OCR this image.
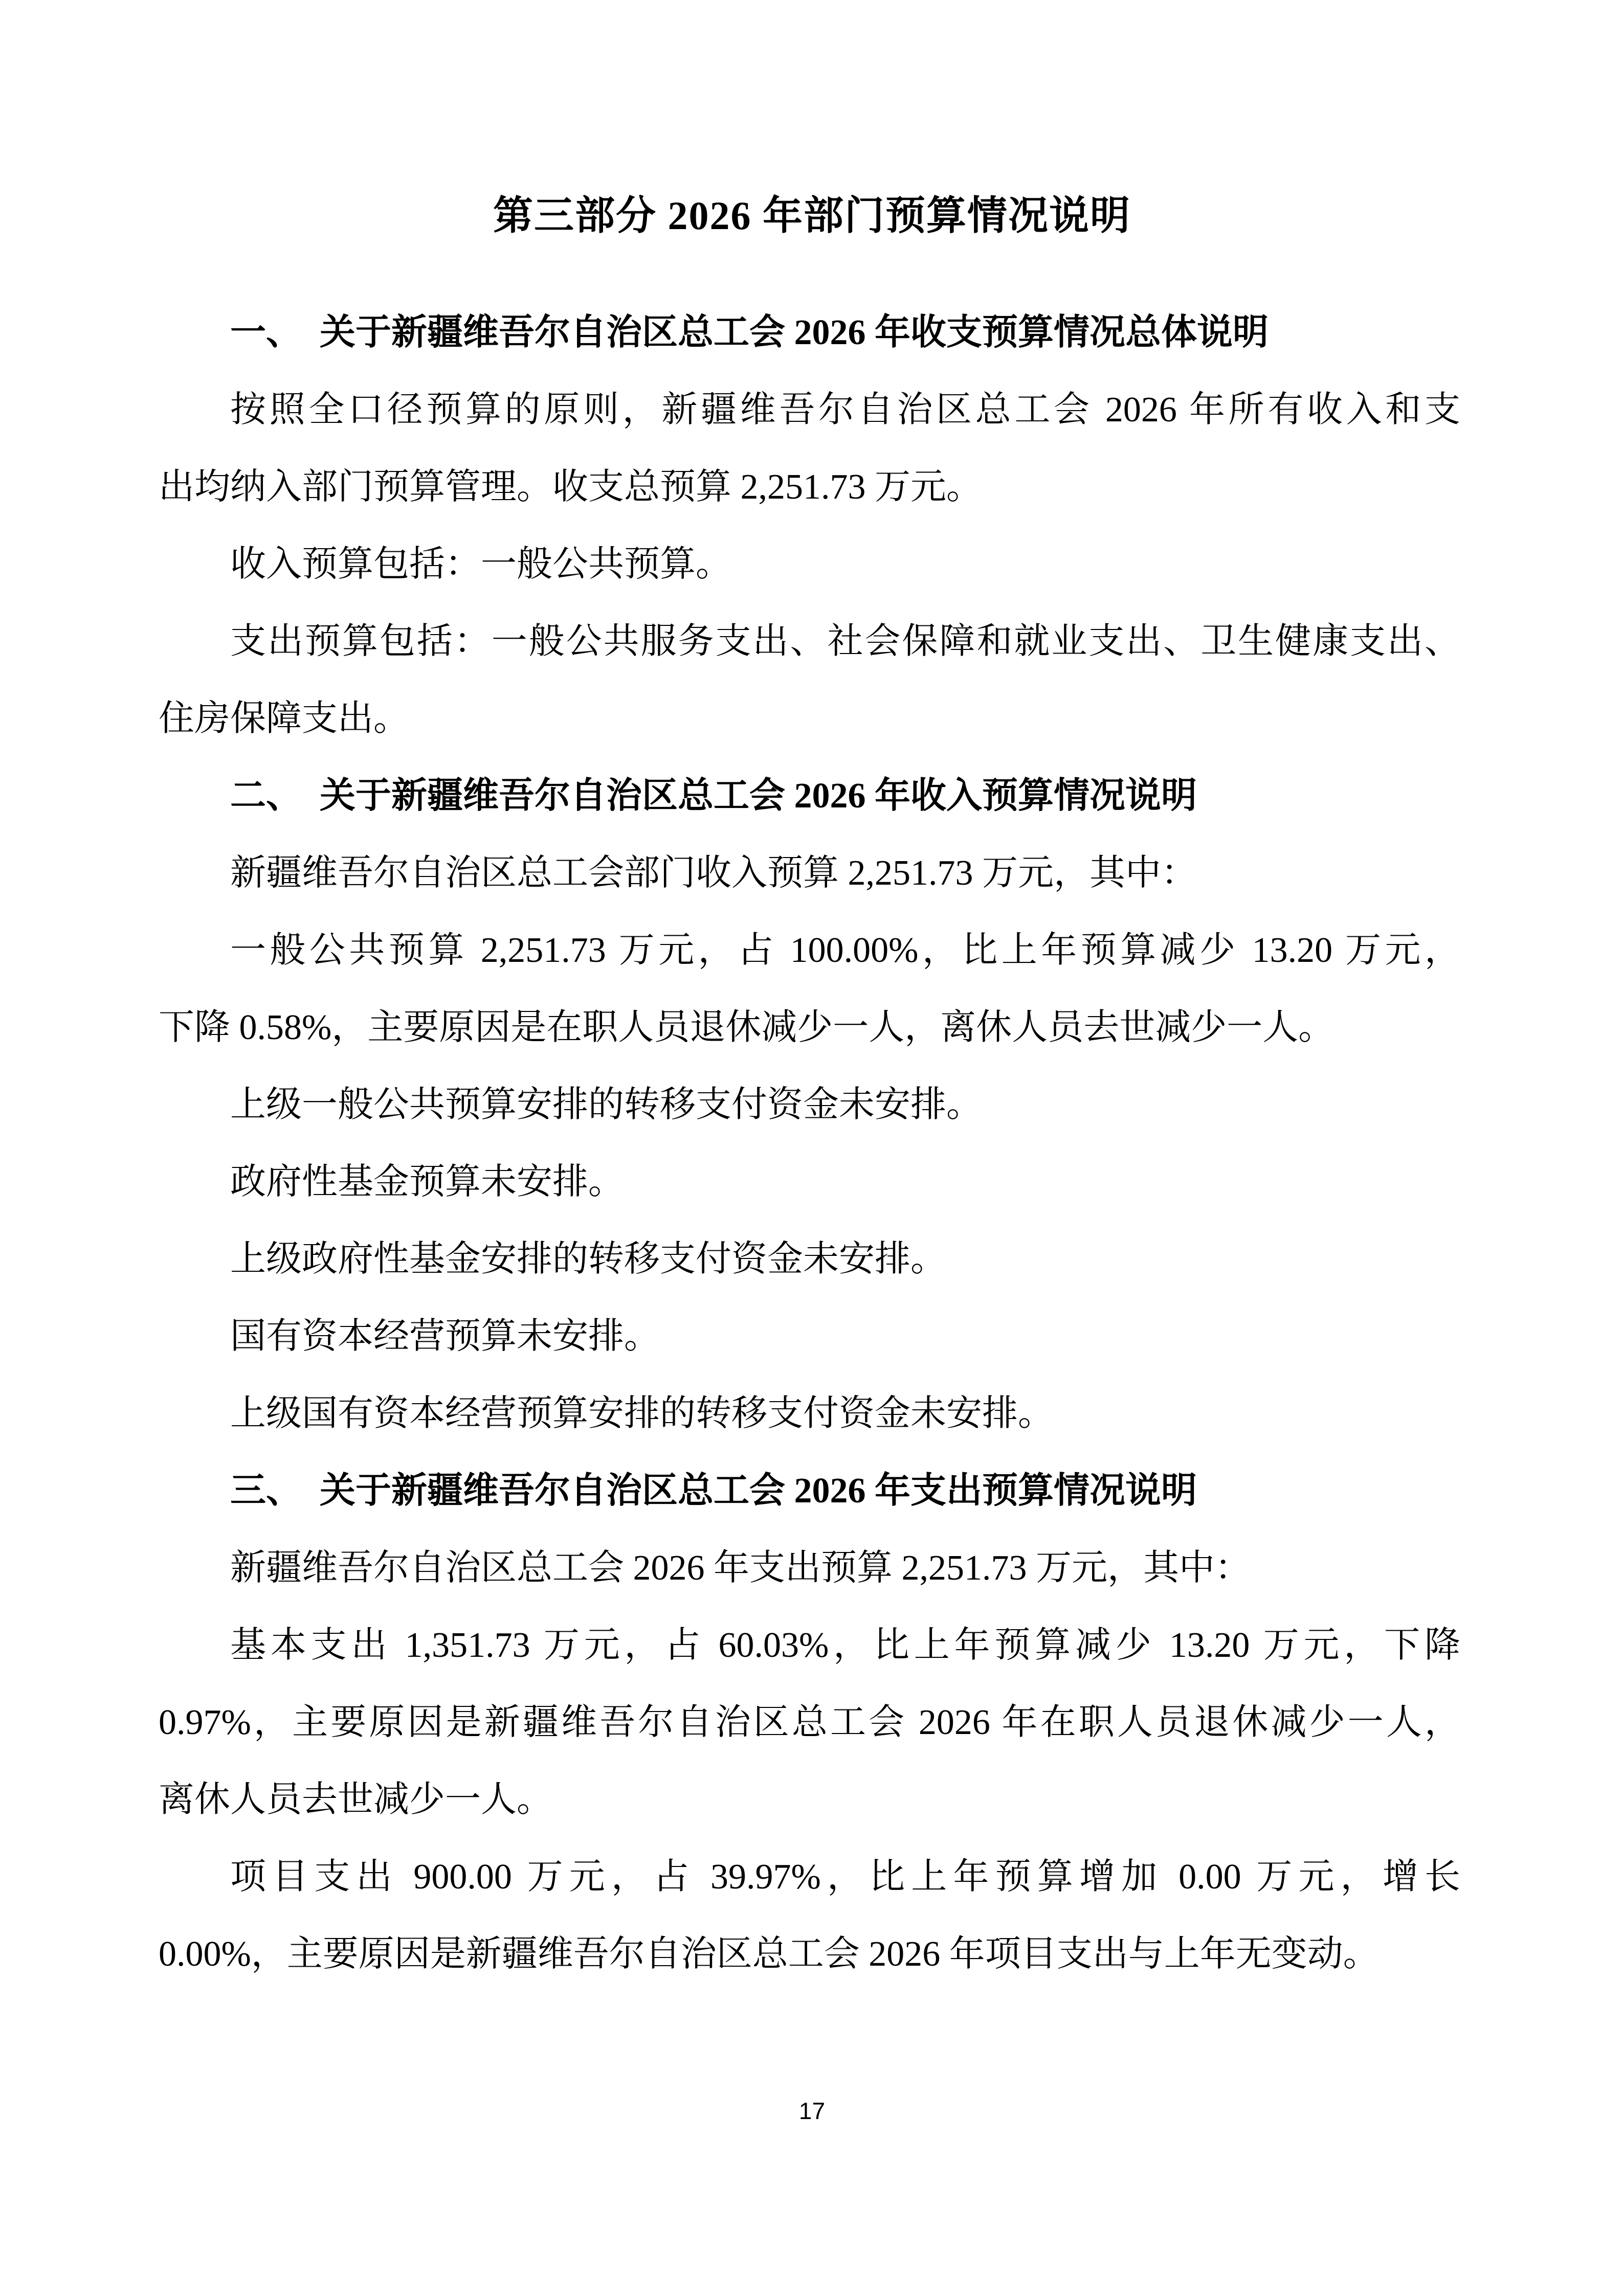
第三部分 2026 年部门预算情况说明
一、　关于新疆维吾尔自治区总工会 2026 年收支预算情况总体说明
按照全口径预算的原则，新疆维吾尔自治区总工会 2026 年所有收入和支
出均纳入部门预算管理。收支总预算 2,251.73 万元。
收入预算包括：一般公共预算。
支出预算包括：一般公共服务支出、社会保障和就业支出、卫生健康支出、
住房保障支出。
二、　关于新疆维吾尔自治区总工会 2026 年收入预算情况说明
新疆维吾尔自治区总工会部门收入预算 2,251.73 万元，其中：
一般公共预算 2,251.73 万元，占 100.00%，比上年预算减少 13.20 万元，
下降 0.58%，主要原因是在职人员退休减少一人，离休人员去世减少一人。
上级一般公共预算安排的转移支付资金未安排。
政府性基金预算未安排。
上级政府性基金安排的转移支付资金未安排。
国有资本经营预算未安排。
上级国有资本经营预算安排的转移支付资金未安排。
三、　关于新疆维吾尔自治区总工会 2026 年支出预算情况说明
新疆维吾尔自治区总工会 2026 年支出预算 2,251.73 万元，其中：
基本支出 1,351.73 万元，占 60.03%，比上年预算减少 13.20 万元，下降
0.97%，主要原因是新疆维吾尔自治区总工会 2026 年在职人员退休减少一人，
离休人员去世减少一人。
项目支出 900.00 万元，占 39.97%，比上年预算增加 0.00 万元，增长
0.00%，主要原因是新疆维吾尔自治区总工会 2026 年项目支出与上年无变动。
17
